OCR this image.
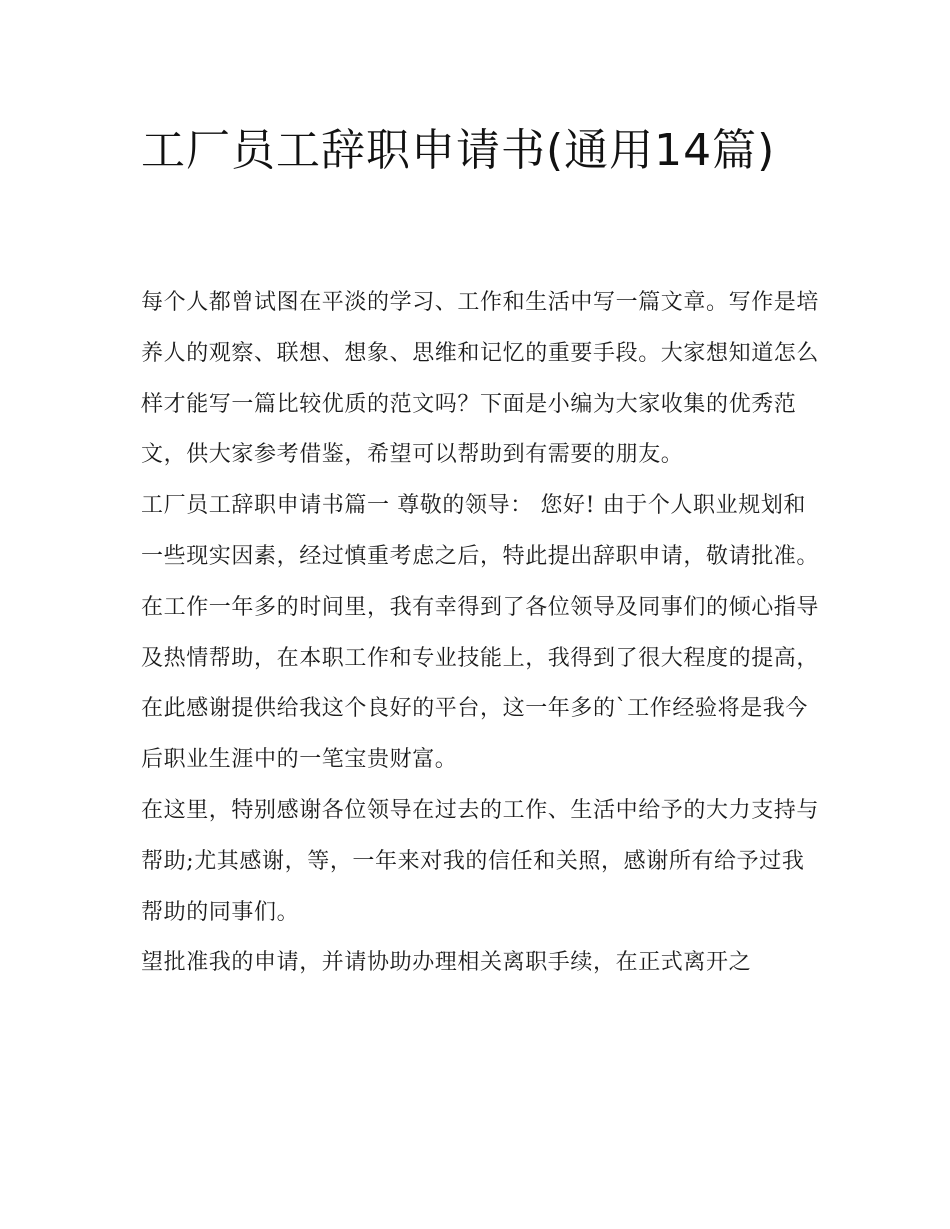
工厂员工辞职申请书(通用14篇)

每个人都曾试图在平淡的学习、工作和生活中写一篇文章。写作是培养人的观察、联想、想象、思维和记忆的重要手段。大家想知道怎么样才能写一篇比较优质的范文吗？下面是小编为大家收集的优秀范文，供大家参考借鉴，希望可以帮助到有需要的朋友。

工厂员工辞职申请书篇一 尊敬的领导： 您好! 由于个人职业规划和一些现实因素，经过慎重考虑之后，特此提出辞职申请，敬请批准。

在工作一年多的时间里，我有幸得到了各位领导及同事们的倾心指导及热情帮助，在本职工作和专业技能上，我得到了很大程度的提高，在此感谢提供给我这个良好的平台，这一年多的`工作经验将是我今后职业生涯中的一笔宝贵财富。

在这里，特别感谢各位领导在过去的工作、生活中给予的大力支持与帮助;尤其感谢，等，一年来对我的信任和关照，感谢所有给予过我帮助的同事们。

望批准我的申请，并请协助办理相关离职手续，在正式离开之
